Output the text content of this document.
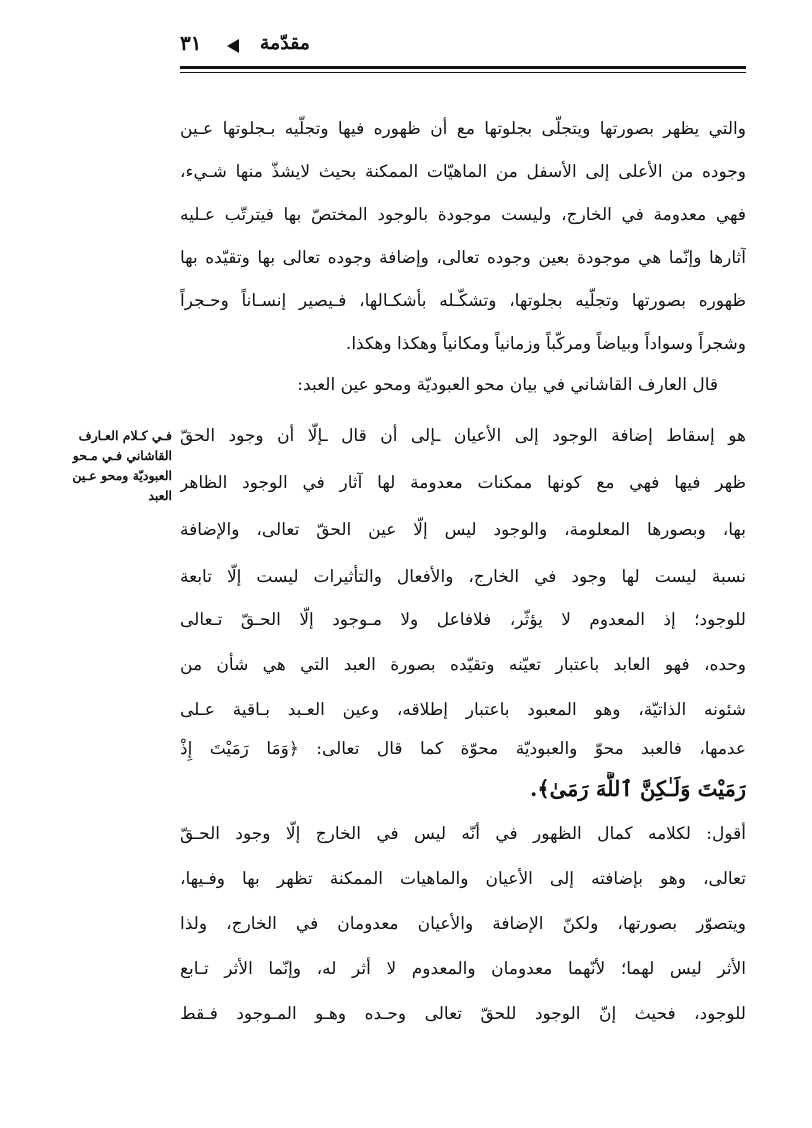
مقدّمة
٣١
فـي كـلام العـارف
القاشاني فـي مـحو
العبوديّة ومحو عـين
العبد
والتي يظهر بصورتها ويتجلّى بجلوتها مع أن ظهوره فيها وتجلّيه بـجلوتها عـين
وجوده من الأعلى إلى الأسفل من الماهيّات الممكنة بحيث لايشذّ منها شـيء،
فهي معدومة في الخارج، وليست موجودة بالوجود المختصّ بها فيترتّب عـليه
آثارها وإنّما هي موجودة بعين وجوده تعالى، وإضافة وجوده تعالى بها وتقيّده بها
ظهوره بصورتها وتجلّيه بجلوتها، وتشكّـله بأشكـالها، فـيصير إنسـاناً وحـجراً
وشجراً وسواداً وبياضاً ومركّباً وزمانياً ومكانياً وهكذا وهكذا.
قال العارف القاشاني في بيان محو العبوديّة ومحو عين العبد:
هو إسقاط إضافة الوجود إلى الأعيان ـإلى أن قال ـإلّا أن وجود الحقّ
ظهر فيها فهي مع كونها ممكنات معدومة لها آثار في الوجود الظاهر
بها، وبصورها المعلومة، والوجود ليس إلّا عين الحقّ تعالى، والإضافة
نسبة ليست لها وجود في الخارج، والأفعال والتأثيرات ليست إلّا تابعة
للوجود؛ إذ المعدوم لا يؤثّر، فلافاعل ولا مـوجود إلّا الحـقّ تـعالى
وحده، فهو العابد باعتبار تعيّنه وتقيّده بصورة العبد التي هي شأن من
شئونه الذاتيّة، وهو المعبود باعتبار إطلاقه، وعين العـبد بـاقية عـلى
عدمها، فالعبد محوّ والعبوديّة محوّة كما قال تعالى: ﴿وَمَا رَمَيْتَ إِذْ
رَمَيْتَ وَلَـٰكِنَّ ٱللَّهَ رَمَىٰ﴾.
أقول: لكلامه كمال الظهور في أنّه ليس في الخارج إلّا وجود الحـقّ
تعالى، وهو بإضافته إلى الأعيان والماهيات الممكنة تظهر بها وفـيها،
ويتصوّر بصورتها، ولكنّ الإضافة والأعيان معدومان في الخارج، ولذا
الأثر ليس لهما؛ لأنّهما معدومان والمعدوم لا أثر له، وإنّما الأثر تـابع
للوجود، فحيث إنّ الوجود للحقّ تعالى وحـده وهـو المـوجود فـقط
